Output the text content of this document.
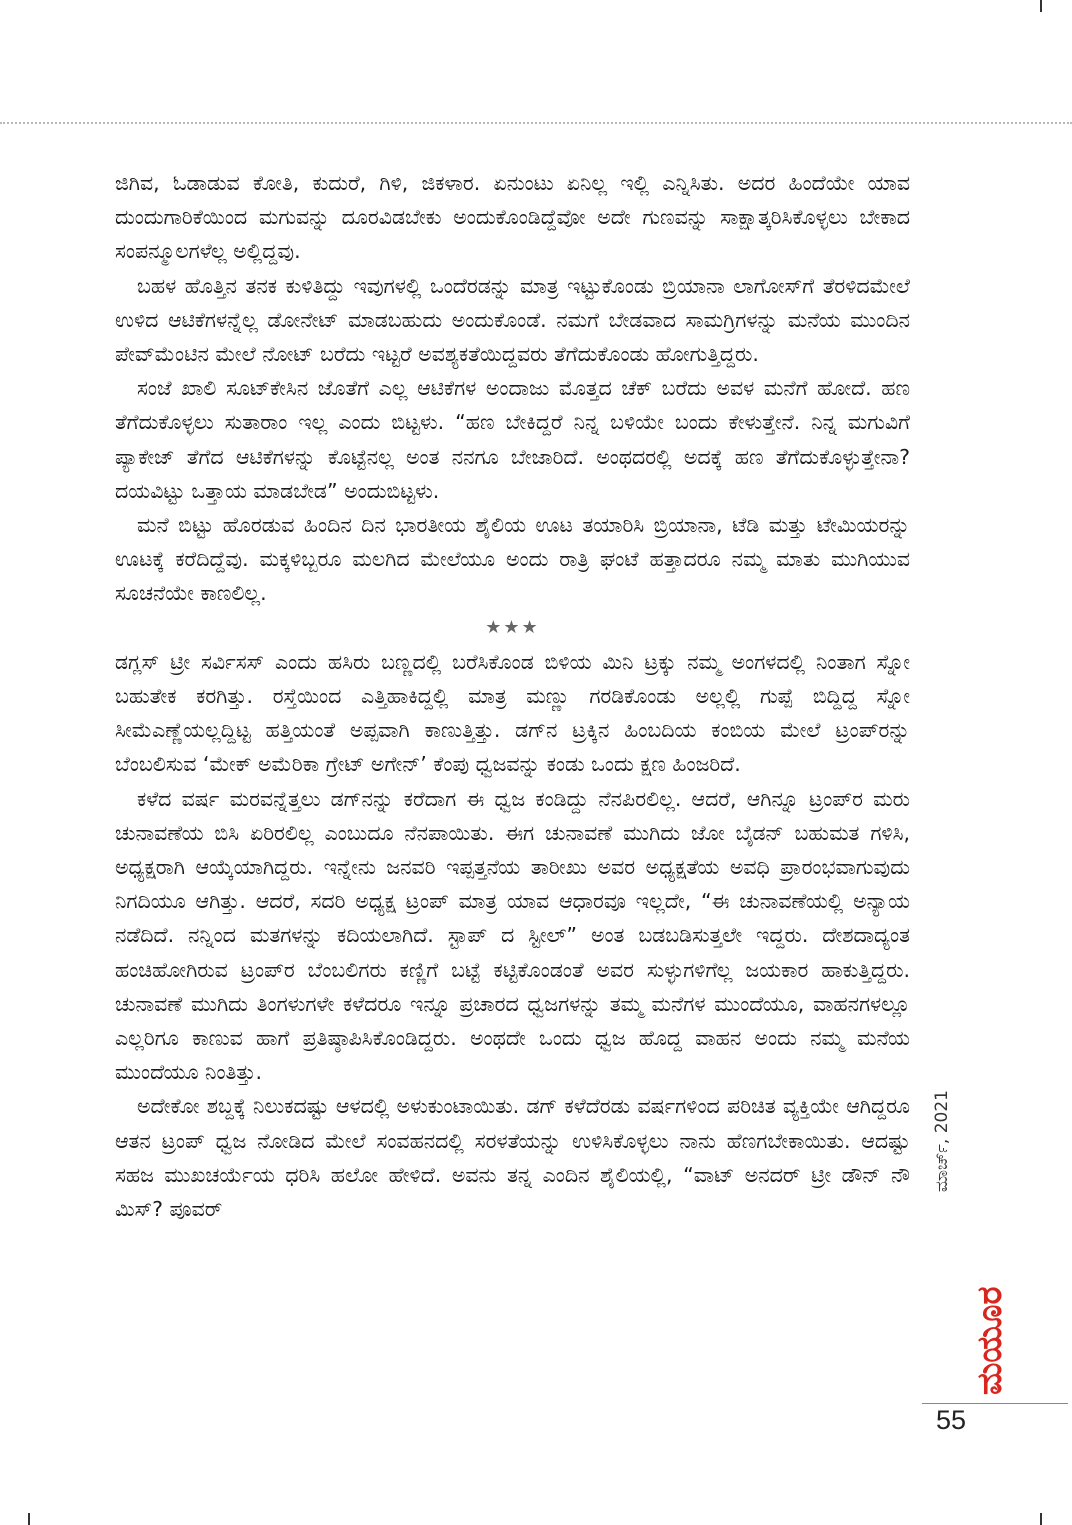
ಜಿಗಿವ, ಓಡಾಡುವ ಕೋತಿ, ಕುದುರೆ, ಗಿಳಿ, ಜಿಕಳಾರ. ಏನುಂಟು ಏನಿಲ್ಲ ಇಲ್ಲಿ ಎನ್ನಿಸಿತು. ಅದರ ಹಿಂದೆಯೇ ಯಾವ ದುಂದುಗಾರಿಕೆಯಿಂದ ಮಗುವನ್ನು ದೂರವಿಡಬೇಕು ಅಂದುಕೊಂಡಿದ್ದೆವೋ ಅದೇ ಗುಣವನ್ನು ಸಾಕ್ಷಾತ್ಕರಿಸಿಕೊಳ್ಳಲು ಬೇಕಾದ ಸಂಪನ್ಮೂಲಗಳೆಲ್ಲ ಅಲ್ಲಿದ್ದವು.

ಬಹಳ ಹೊತ್ತಿನ ತನಕ ಕುಳಿತಿದ್ದು ಇವುಗಳಲ್ಲಿ ಒಂದೆರಡನ್ನು ಮಾತ್ರ ಇಟ್ಟುಕೊಂಡು ಬ್ರಿಯಾನಾ ಲಾಗೋಸ್‌ಗೆ ತೆರಳಿದಮೇಲೆ ಉಳಿದ ಆಟಿಕೆಗಳನ್ನೆಲ್ಲ ಡೋನೇಟ್ ಮಾಡಬಹುದು ಅಂದುಕೊಂಡೆ. ನಮಗೆ ಬೇಡವಾದ ಸಾಮಗ್ರಿಗಳನ್ನು ಮನೆಯ ಮುಂದಿನ ಪೇವ್‌ಮೆಂಟಿನ ಮೇಲೆ ನೋಟ್ ಬರೆದು ಇಟ್ಟರೆ ಅವಶ್ಯಕತೆಯಿದ್ದವರು ತೆಗೆದುಕೊಂಡು ಹೋಗುತ್ತಿದ್ದರು.

ಸಂಜೆ ಖಾಲಿ ಸೂಟ್‌ಕೇಸಿನ ಜೊತೆಗೆ ಎಲ್ಲ ಆಟಿಕೆಗಳ ಅಂದಾಜು ಮೊತ್ತದ ಚೆಕ್ ಬರೆದು ಅವಳ ಮನೆಗೆ ಹೋದೆ. ಹಣ ತೆಗೆದುಕೊಳ್ಳಲು ಸುತಾರಾಂ ಇಲ್ಲ ಎಂದು ಬಿಟ್ಟಳು. “ಹಣ ಬೇಕಿದ್ದರೆ ನಿನ್ನ ಬಳಿಯೇ ಬಂದು ಕೇಳುತ್ತೇನೆ. ನಿನ್ನ ಮಗುವಿಗೆ ಪ್ಯಾಕೇಜ್ ತೆಗೆದ ಆಟಿಕೆಗಳನ್ನು ಕೊಟ್ಟೆನಲ್ಲ ಅಂತ ನನಗೂ ಬೇಜಾರಿದೆ. ಅಂಥದರಲ್ಲಿ ಅದಕ್ಕೆ ಹಣ ತೆಗೆದುಕೊಳ್ಳುತ್ತೇನಾ? ದಯವಿಟ್ಟು ಒತ್ತಾಯ ಮಾಡಬೇಡ” ಅಂದುಬಿಟ್ಟಳು.

ಮನೆ ಬಿಟ್ಟು ಹೊರಡುವ ಹಿಂದಿನ ದಿನ ಭಾರತೀಯ ಶೈಲಿಯ ಊಟ ತಯಾರಿಸಿ ಬ್ರಿಯಾನಾ, ಟೆಡಿ ಮತ್ತು ಟೇಮಿಯರನ್ನು ಊಟಕ್ಕೆ ಕರೆದಿದ್ದೆವು. ಮಕ್ಕಳಿಬ್ಬರೂ ಮಲಗಿದ ಮೇಲೆಯೂ ಅಂದು ರಾತ್ರಿ ಘಂಟೆ ಹತ್ತಾದರೂ ನಮ್ಮ ಮಾತು ಮುಗಿಯುವ ಸೂಚನೆಯೇ ಕಾಣಲಿಲ್ಲ.

★★★

ಡಗ್ಲಸ್ ಟ್ರೀ ಸರ್ವಿಸಸ್ ಎಂದು ಹಸಿರು ಬಣ್ಣದಲ್ಲಿ ಬರೆಸಿಕೊಂಡ ಬಿಳಿಯ ಮಿನಿ ಟ್ರಕ್ಕು ನಮ್ಮ ಅಂಗಳದಲ್ಲಿ ನಿಂತಾಗ ಸ್ನೋ ಬಹುತೇಕ ಕರಗಿತ್ತು. ರಸ್ತೆಯಿಂದ ಎತ್ತಿಹಾಕಿದ್ದಲ್ಲಿ ಮಾತ್ರ ಮಣ್ಣು ಗರಡಿಕೊಂಡು ಅಲ್ಲಲ್ಲಿ ಗುಪ್ಪೆ ಬಿದ್ದಿದ್ದ ಸ್ನೋ ಸೀಮೆಎಣ್ಣೆಯಲ್ಲದ್ದಿಟ್ಟ ಹತ್ತಿಯಂತೆ ಅಪ್ಪವಾಗಿ ಕಾಣುತ್ತಿತ್ತು. ಡಗ್‌ನ ಟ್ರಕ್ಕಿನ ಹಿಂಬದಿಯ ಕಂಬಿಯ ಮೇಲೆ ಟ್ರಂಪ್‌ರನ್ನು ಬೆಂಬಲಿಸುವ ‘ಮೇಕ್ ಅಮೆರಿಕಾ ಗ್ರೇಟ್ ಅಗೇನ್’ ಕೆಂಪು ಧ್ವಜವನ್ನು ಕಂಡು ಒಂದು ಕ್ಷಣ ಹಿಂಜರಿದೆ.

ಕಳೆದ ವರ್ಷ ಮರವನ್ನೆತ್ತಲು ಡಗ್‌ನನ್ನು ಕರೆದಾಗ ಈ ಧ್ವಜ ಕಂಡಿದ್ದು ನೆನಪಿರಲಿಲ್ಲ. ಆದರೆ, ಆಗಿನ್ನೂ ಟ್ರಂಪ್‌ರ ಮರು ಚುನಾವಣೆಯ ಬಿಸಿ ಏರಿರಲಿಲ್ಲ ಎಂಬುದೂ ನೆನಪಾಯಿತು. ಈಗ ಚುನಾವಣೆ ಮುಗಿದು ಜೋ ಬೈಡನ್ ಬಹುಮತ ಗಳಿಸಿ, ಅಧ್ಯಕ್ಷರಾಗಿ ಆಯ್ಕೆಯಾಗಿದ್ದರು. ಇನ್ನೇನು ಜನವರಿ ಇಪ್ಪತ್ತನೆಯ ತಾರೀಖು ಅವರ ಅಧ್ಯಕ್ಷತೆಯ ಅವಧಿ ಪ್ರಾರಂಭವಾಗುವುದು ನಿಗದಿಯೂ ಆಗಿತ್ತು. ಆದರೆ, ಸದರಿ ಅಧ್ಯಕ್ಷ ಟ್ರಂಪ್ ಮಾತ್ರ ಯಾವ ಆಧಾರವೂ ಇಲ್ಲದೇ, “ಈ ಚುನಾವಣೆಯಲ್ಲಿ ಅನ್ಯಾಯ ನಡೆದಿದೆ. ನನ್ನಿಂದ ಮತಗಳನ್ನು ಕದಿಯಲಾಗಿದೆ. ಸ್ಟಾಪ್ ದ ಸ್ಟೀಲ್” ಅಂತ ಬಡಬಡಿಸುತ್ತಲೇ ಇದ್ದರು. ದೇಶದಾದ್ಯಂತ ಹಂಚಿಹೋಗಿರುವ ಟ್ರಂಪ್‌ರ ಬೆಂಬಲಿಗರು ಕಣ್ಣಿಗೆ ಬಟ್ಟೆ ಕಟ್ಟಿಕೊಂಡಂತೆ ಅವರ ಸುಳ್ಳುಗಳಿಗೆಲ್ಲ ಜಯಕಾರ ಹಾಕುತ್ತಿದ್ದರು. ಚುನಾವಣೆ ಮುಗಿದು ತಿಂಗಳುಗಳೇ ಕಳೆದರೂ ಇನ್ನೂ ಪ್ರಚಾರದ ಧ್ವಜಗಳನ್ನು ತಮ್ಮ ಮನೆಗಳ ಮುಂದೆಯೂ, ವಾಹನಗಳಲ್ಲೂ ಎಲ್ಲರಿಗೂ ಕಾಣುವ ಹಾಗೆ ಪ್ರತಿಷ್ಠಾಪಿಸಿಕೊಂಡಿದ್ದರು. ಅಂಥದೇ ಒಂದು ಧ್ವಜ ಹೊದ್ದ ವಾಹನ ಅಂದು ನಮ್ಮ ಮನೆಯ ಮುಂದೆಯೂ ನಿಂತಿತ್ತು.

ಅದೇಕೋ ಶಬ್ದಕ್ಕೆ ನಿಲುಕದಷ್ಟು ಆಳದಲ್ಲಿ ಅಳುಕುಂಟಾಯಿತು. ಡಗ್ ಕಳೆದೆರಡು ವರ್ಷಗಳಿಂದ ಪರಿಚಿತ ವ್ಯಕ್ತಿಯೇ ಆಗಿದ್ದರೂ ಆತನ ಟ್ರಂಪ್ ಧ್ವಜ ನೋಡಿದ ಮೇಲೆ ಸಂವಹನದಲ್ಲಿ ಸರಳತೆಯನ್ನು ಉಳಿಸಿಕೊಳ್ಳಲು ನಾನು ಹೆಣಗಬೇಕಾಯಿತು. ಆದಷ್ಟು ಸಹಜ ಮುಖಚರ್ಯೆಯ ಧರಿಸಿ ಹಲೋ ಹೇಳಿದೆ. ಅವನು ತನ್ನ ಎಂದಿನ ಶೈಲಿಯಲ್ಲಿ, “ವಾಟ್ ಅನದರ್ ಟ್ರೀ ಡೌನ್ ನೌ ಮಿಸ್? ಪೂವರ್

ಮಾರ್ಚ್, 2021
ಮಯೂರ
55
